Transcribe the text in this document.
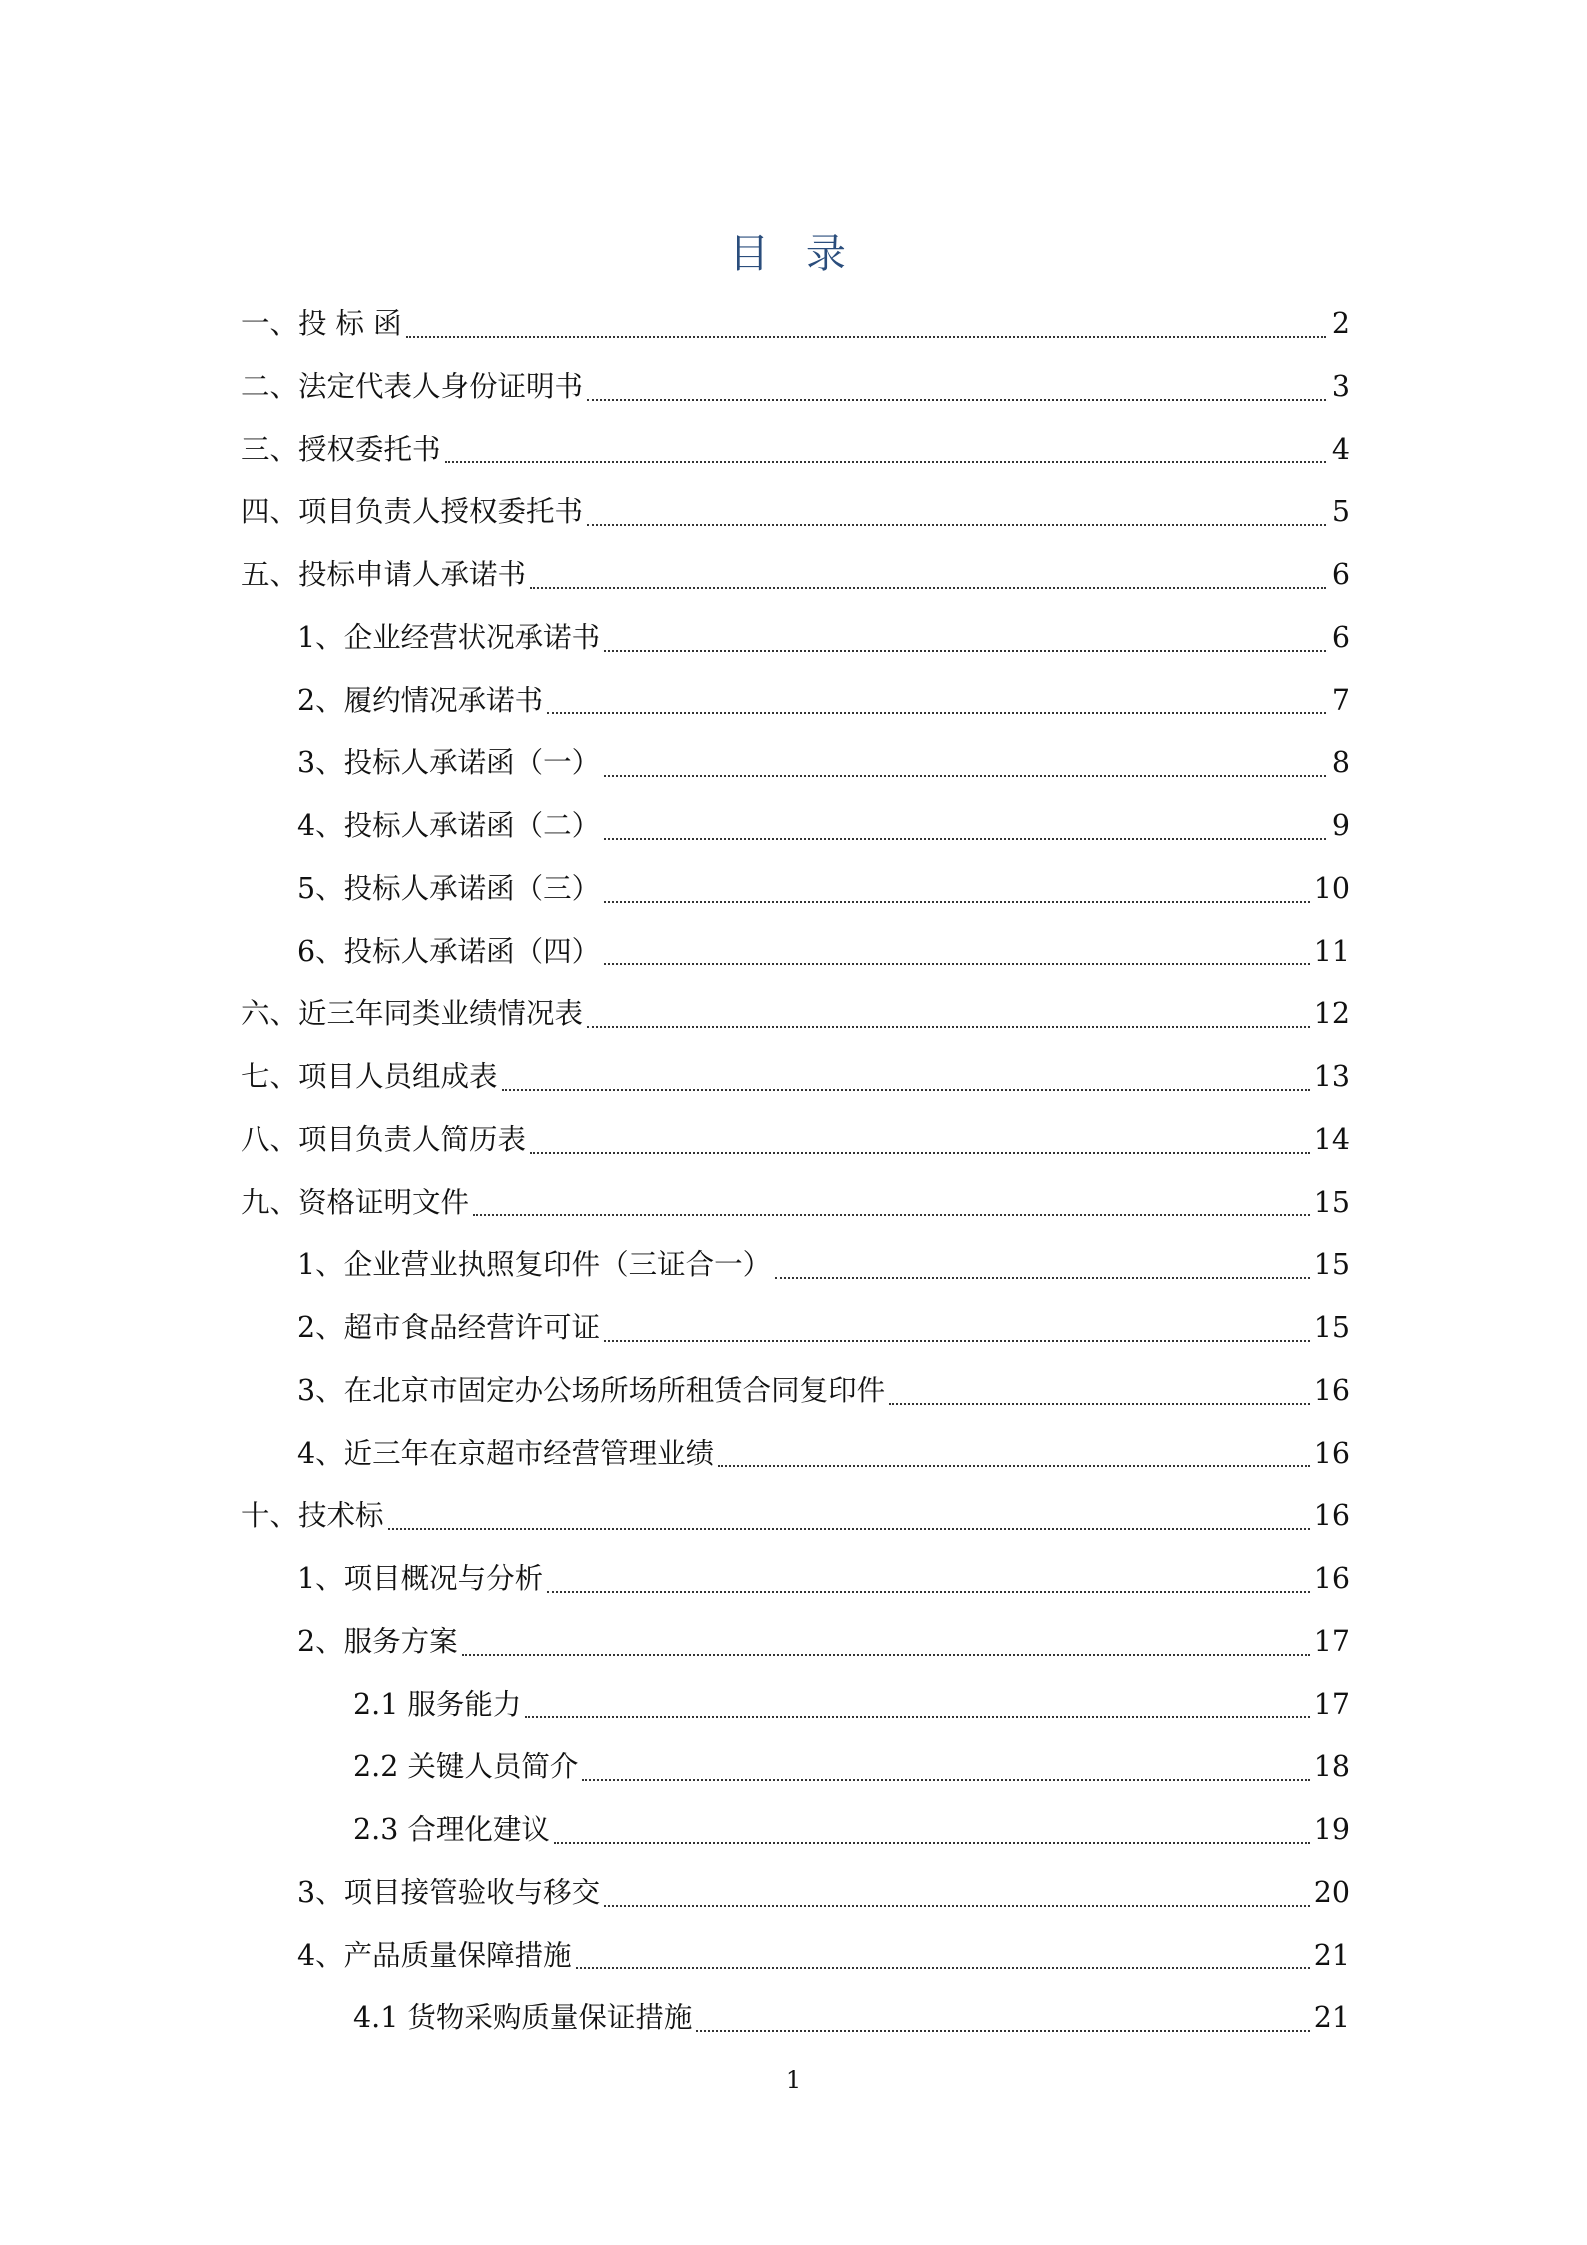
目 录
一、投 标 函	2
二、法定代表人身份证明书	3
三、授权委托书	4
四、项目负责人授权委托书	5
五、投标申请人承诺书	6
1、企业经营状况承诺书	6
2、履约情况承诺书	7
3、投标人承诺函（一）	8
4、投标人承诺函（二）	9
5、投标人承诺函（三）	10
6、投标人承诺函（四）	11
六、近三年同类业绩情况表	12
七、项目人员组成表	13
八、项目负责人简历表	14
九、资格证明文件	15
1、企业营业执照复印件（三证合一）	15
2、超市食品经营许可证	15
3、在北京市固定办公场所场所租赁合同复印件	16
4、近三年在京超市经营管理业绩	16
十、技术标	16
1、项目概况与分析	16
2、服务方案	17
2.1 服务能力	17
2.2 关键人员简介	18
2.3 合理化建议	19
3、项目接管验收与移交	20
4、产品质量保障措施	21
4.1 货物采购质量保证措施	21
1
